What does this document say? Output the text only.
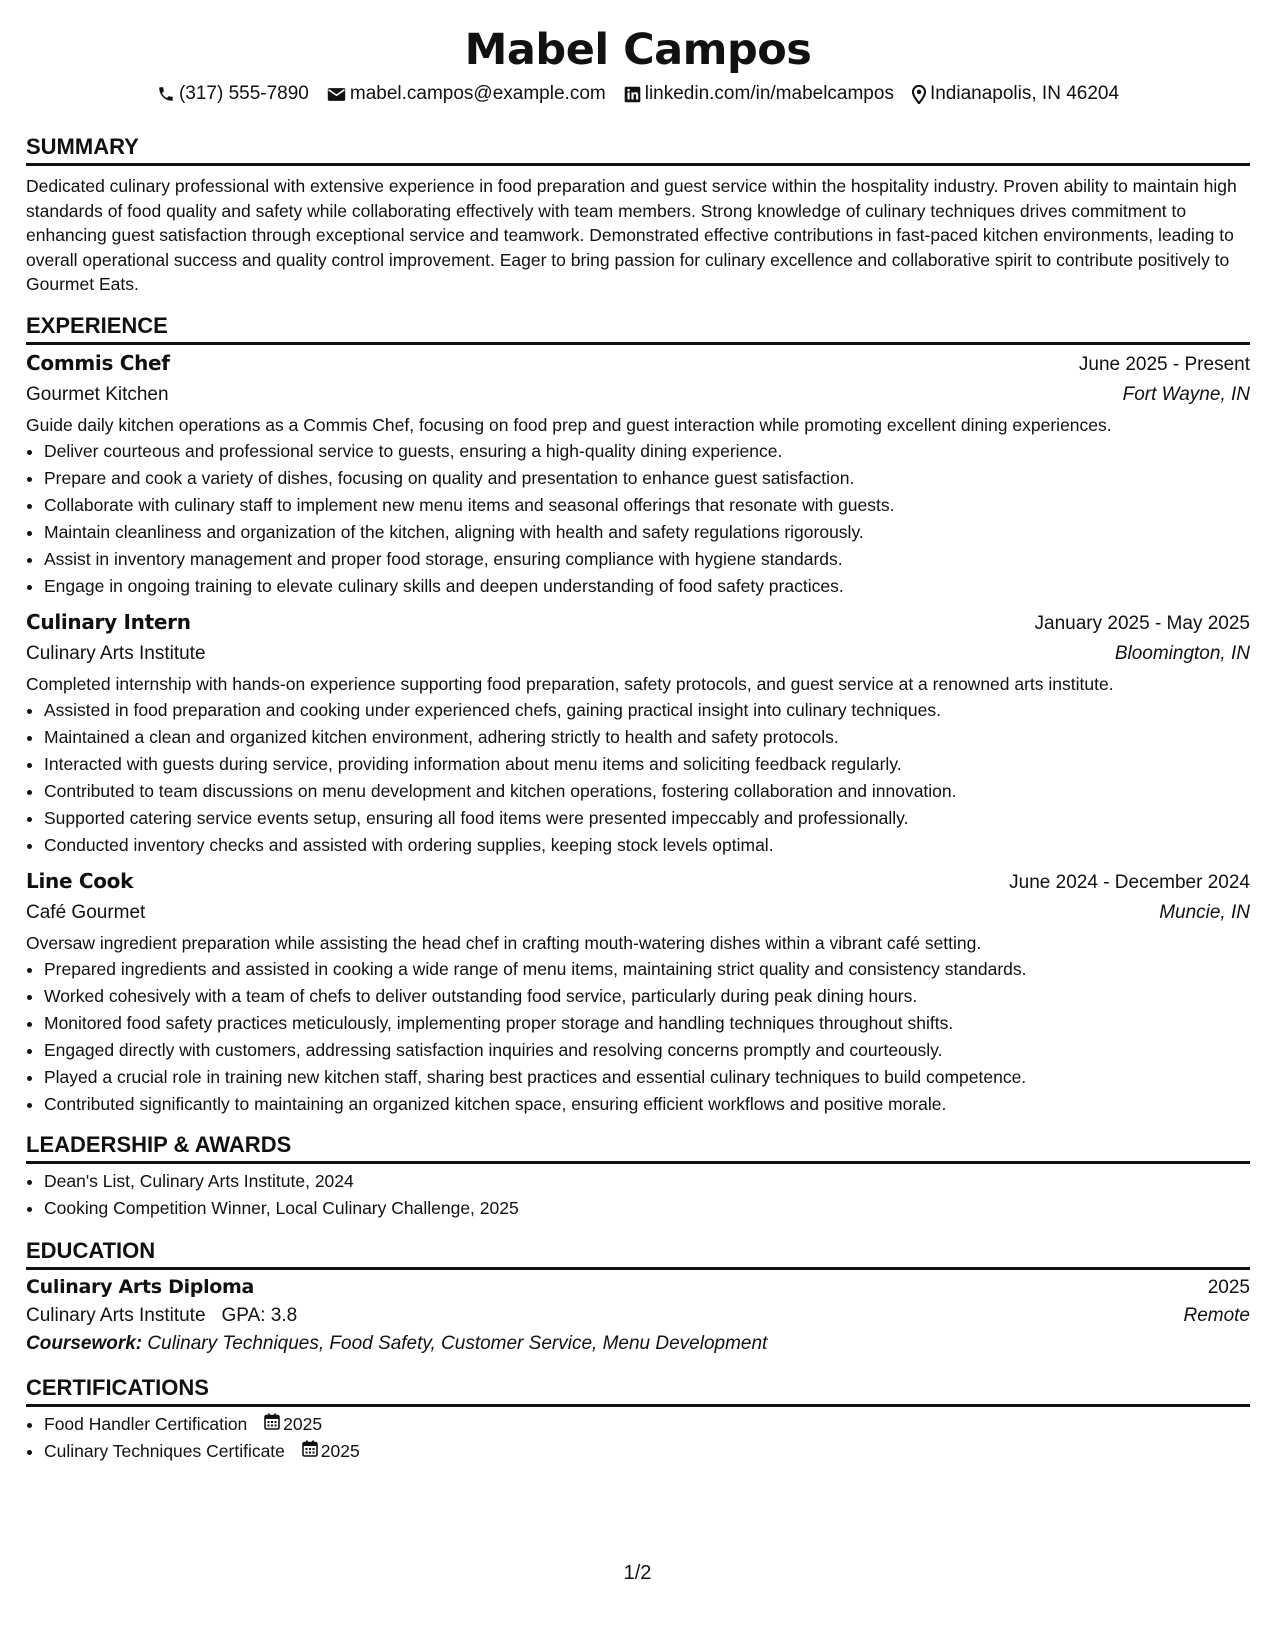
Mabel Campos
(317) 555-7890 mabel.campos@example.com linkedin.com/in/mabelcampos Indianapolis, IN 46204
SUMMARY
Dedicated culinary professional with extensive experience in food preparation and guest service within the hospitality industry. Proven ability to maintain high standards of food quality and safety while collaborating effectively with team members. Strong knowledge of culinary techniques drives commitment to enhancing guest satisfaction through exceptional service and teamwork. Demonstrated effective contributions in fast-paced kitchen environments, leading to overall operational success and quality control improvement. Eager to bring passion for culinary excellence and collaborative spirit to contribute positively to Gourmet Eats.
EXPERIENCE
Commis Chef	June 2025 - Present
Gourmet Kitchen	Fort Wayne, IN
Guide daily kitchen operations as a Commis Chef, focusing on food prep and guest interaction while promoting excellent dining experiences.
• Deliver courteous and professional service to guests, ensuring a high-quality dining experience.
• Prepare and cook a variety of dishes, focusing on quality and presentation to enhance guest satisfaction.
• Collaborate with culinary staff to implement new menu items and seasonal offerings that resonate with guests.
• Maintain cleanliness and organization of the kitchen, aligning with health and safety regulations rigorously.
• Assist in inventory management and proper food storage, ensuring compliance with hygiene standards.
• Engage in ongoing training to elevate culinary skills and deepen understanding of food safety practices.
Culinary Intern	January 2025 - May 2025
Culinary Arts Institute	Bloomington, IN
Completed internship with hands-on experience supporting food preparation, safety protocols, and guest service at a renowned arts institute.
• Assisted in food preparation and cooking under experienced chefs, gaining practical insight into culinary techniques.
• Maintained a clean and organized kitchen environment, adhering strictly to health and safety protocols.
• Interacted with guests during service, providing information about menu items and soliciting feedback regularly.
• Contributed to team discussions on menu development and kitchen operations, fostering collaboration and innovation.
• Supported catering service events setup, ensuring all food items were presented impeccably and professionally.
• Conducted inventory checks and assisted with ordering supplies, keeping stock levels optimal.
Line Cook	June 2024 - December 2024
Café Gourmet	Muncie, IN
Oversaw ingredient preparation while assisting the head chef in crafting mouth-watering dishes within a vibrant café setting.
• Prepared ingredients and assisted in cooking a wide range of menu items, maintaining strict quality and consistency standards.
• Worked cohesively with a team of chefs to deliver outstanding food service, particularly during peak dining hours.
• Monitored food safety practices meticulously, implementing proper storage and handling techniques throughout shifts.
• Engaged directly with customers, addressing satisfaction inquiries and resolving concerns promptly and courteously.
• Played a crucial role in training new kitchen staff, sharing best practices and essential culinary techniques to build competence.
• Contributed significantly to maintaining an organized kitchen space, ensuring efficient workflows and positive morale.
LEADERSHIP & AWARDS
• Dean's List, Culinary Arts Institute, 2024
• Cooking Competition Winner, Local Culinary Challenge, 2025
EDUCATION
Culinary Arts Diploma	2025
Culinary Arts Institute GPA: 3.8	Remote
Coursework: Culinary Techniques, Food Safety, Customer Service, Menu Development
CERTIFICATIONS
• Food Handler Certification 2025
• Culinary Techniques Certificate 2025
1/2
